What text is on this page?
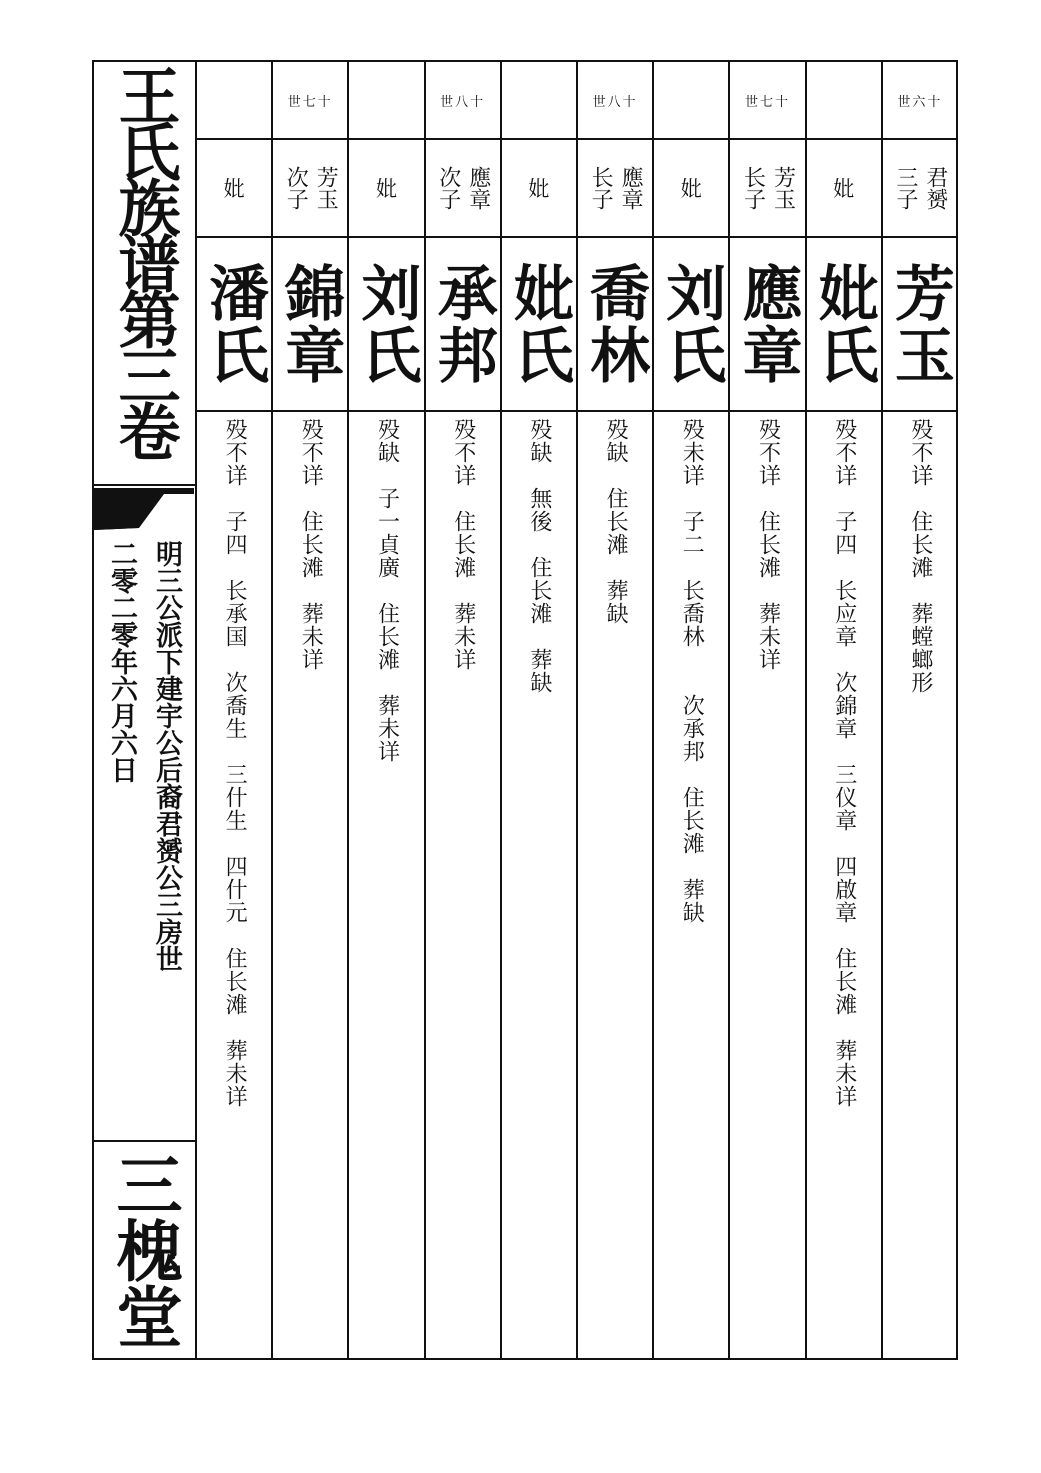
王氏族谱第三卷
明三公派下建宇公后裔君赟公三房世
二零二零年六月六日
三槐堂
妣
潘氏
殁不详　子四　长承国　次喬生　三什生　四什元　住长滩　葬未详
世七十
芳玉
次子
錦章
殁不详　住长滩　葬未详
妣
刘氏
殁缺　子一貞廣　住长滩　葬未详
世八十
應章
次子
承邦
殁不详　住长滩　葬未详
妣
妣氏
殁缺　無後　住长滩　葬缺
世八十
應章
长子
喬林
殁缺　住长滩　葬缺
妣
刘氏
殁未详　子二　长喬林　　次承邦　住长滩　葬缺
世七十
芳玉
长子
應章
殁不详　住长滩　葬未详
妣
妣氏
殁不详　子四　长应章　次錦章　三仪章　四啟章　住长滩　葬未详
世六十
君赟
三子
芳玉
殁不详　住长滩　葬螳螂形
